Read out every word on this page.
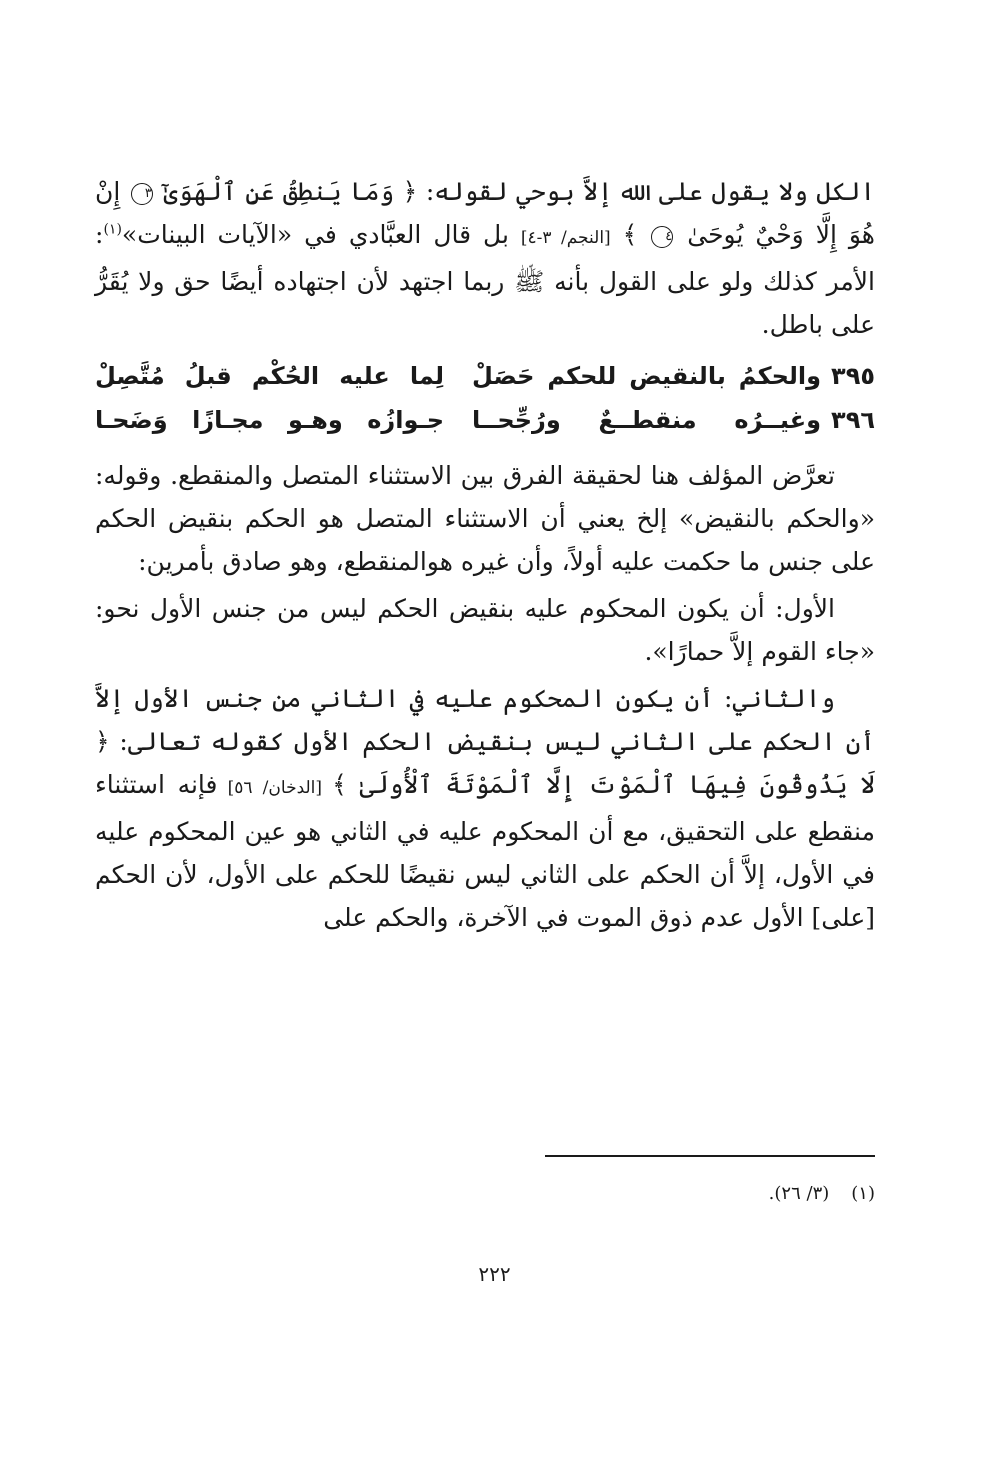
الكل ولا يقول على الله إلاَّ بوحي لقوله: ﴿ وَمَا يَنطِقُ عَنِ ٱلْهَوَىٰٓ ٣ إِنْ هُوَ إِلَّا وَحْيٌ يُوحَىٰ ٤ ﴾ [النجم/ ٣-٤] بل قال العبَّادي في «الآيات البينات»$^{(١)}$: الأمر كذلك ولو على القول بأنه ﷺ ربما اجتهد لأن اجتهاده أيضًا حق ولا يُقَرُّ على باطل.

٣٩٥
والحكمُ بالنقيض للحكم حَصَلْ
لِما عليه الحُكْم قبلُ مُتَّصِلْ
٣٩٦
وغيــرُه منقطــعٌ ورُجِّحــا
جـوازُه وهـو مجـازًا وَضَحـا

تعرَّض المؤلف هنا لحقيقة الفرق بين الاستثناء المتصل والمنقطع. وقوله: «والحكم بالنقيض» إلخ يعني أن الاستثناء المتصل هو الحكم بنقيض الحكم على جنس ما حكمت عليه أولاً، وأن غيره هوالمنقطع، وهو صادق بأمرين:

الأول: أن يكون المحكوم عليه بنقيض الحكم ليس من جنس الأول نحو: «جاء القوم إلاَّ حمارًا».

والثاني: أن يكون المحكوم عليه في الثاني من جنس الأول إلاَّ أن الحكم على الثاني ليس بنقيض الحكم الأول كقوله تعالى: ﴿ لَا يَذُوقُونَ فِيهَا ٱلْمَوْتَ إِلَّا ٱلْمَوْتَةَ ٱلْأُولَىٰ ﴾ [الدخان/ ٥٦] فإنه استثناء منقطع على التحقيق، مع أن المحكوم عليه في الثاني هو عين المحكوم عليه في الأول، إلاَّ أن الحكم على الثاني ليس نقيضًا للحكم على الأول، لأن الحكم [على] الأول عدم ذوق الموت في الآخرة، والحكم على

(١)(٣/ ٢٦).
٢٢٢
